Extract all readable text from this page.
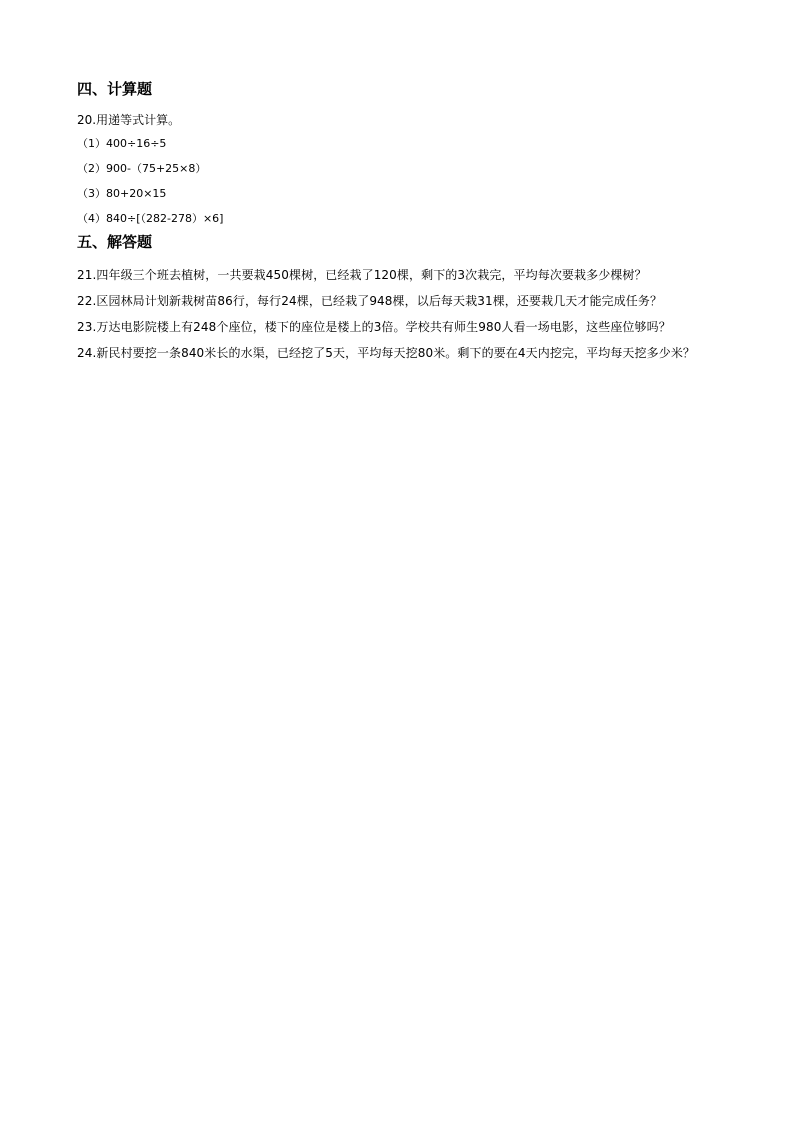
四、计算题

20.用递等式计算。

（1）400÷16÷5
（2）900-（75+25×8）
（3）80+20×15
（4）840÷[（282-278）×6]
五、解答题

21.四年级三个班去植树，一共要栽450棵树，已经栽了120棵，剩下的3次栽完，平均每次要栽多少棵树？

22.区园林局计划新栽树苗86行，每行24棵，已经栽了948棵，以后每天栽31棵，还要栽几天才能完成任务？

23.万达电影院楼上有248个座位，楼下的座位是楼上的3倍。学校共有师生980人看一场电影，这些座位够吗？

24.新民村要挖一条840米长的水渠，已经挖了5天，平均每天挖80米。剩下的要在4天内挖完，平均每天挖多少米？
